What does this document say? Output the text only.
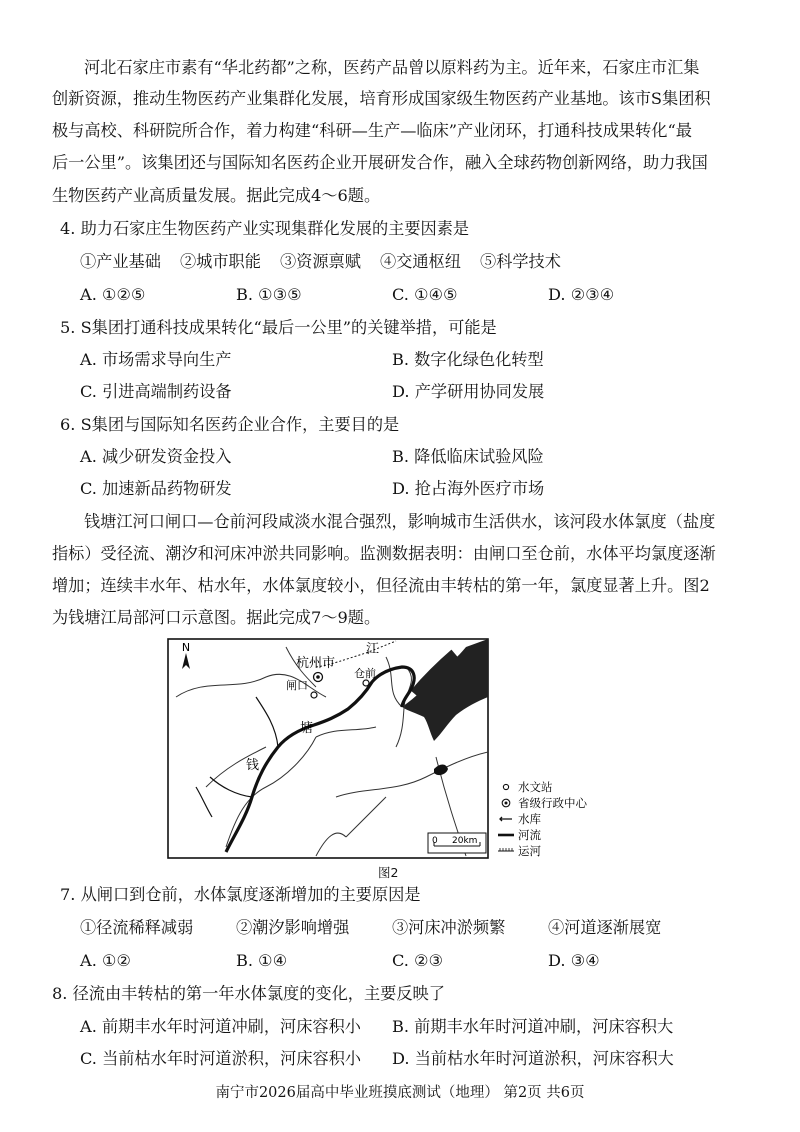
河北石家庄市素有“华北药都”之称，医药产品曾以原料药为主。近年来，石家庄市汇集
创新资源，推动生物医药产业集群化发展，培育形成国家级生物医药产业基地。该市S集团积
极与高校、科研院所合作，着力构建“科研—生产—临床”产业闭环，打通科技成果转化“最
后一公里”。该集团还与国际知名医药企业开展研发合作，融入全球药物创新网络，助力我国
生物医药产业高质量发展。据此完成4～6题。
4. 助力石家庄生物医药产业实现集群化发展的主要因素是
①产业基础 ②城市职能 ③资源禀赋 ④交通枢纽 ⑤科学技术
A. ①②⑤	B. ①③⑤	C. ①④⑤	D. ②③④
5. S集团打通科技成果转化“最后一公里”的关键举措，可能是
A. 市场需求导向生产	B. 数字化绿色化转型
C. 引进高端制药设备	D. 产学研用协同发展
6. S集团与国际知名医药企业合作，主要目的是
A. 减少研发资金投入	B. 降低临床试验风险
C. 加速新品药物研发	D. 抢占海外医疗市场
钱塘江河口闸口—仓前河段咸淡水混合强烈，影响城市生活供水，该河段水体氯度（盐度
指标）受径流、潮汐和河床冲淤共同影响。监测数据表明：由闸口至仓前，水体平均氯度逐渐
增加；连续丰水年、枯水年，水体氯度较小，但径流由丰转枯的第一年，氯度显著上升。图2
为钱塘江局部河口示意图。据此完成7～9题。
N
杭州市
江
闸口
仓前
塘
钱
0 20km
水文站
省级行政中心
水库
河流
运河
图2
7. 从闸口到仓前，水体氯度逐渐增加的主要原因是
①径流稀释减弱	②潮汐影响增强	③河床冲淤频繁	④河道逐渐展宽
A. ①②	B. ①④	C. ②③	D. ③④
8. 径流由丰转枯的第一年水体氯度的变化，主要反映了
A. 前期丰水年时河道冲刷，河床容积小 B. 前期丰水年时河道冲刷，河床容积大
C. 当前枯水年时河道淤积，河床容积小 D. 当前枯水年时河道淤积，河床容积大
南宁市2026届高中毕业班摸底测试（地理） 第2页 共6页
